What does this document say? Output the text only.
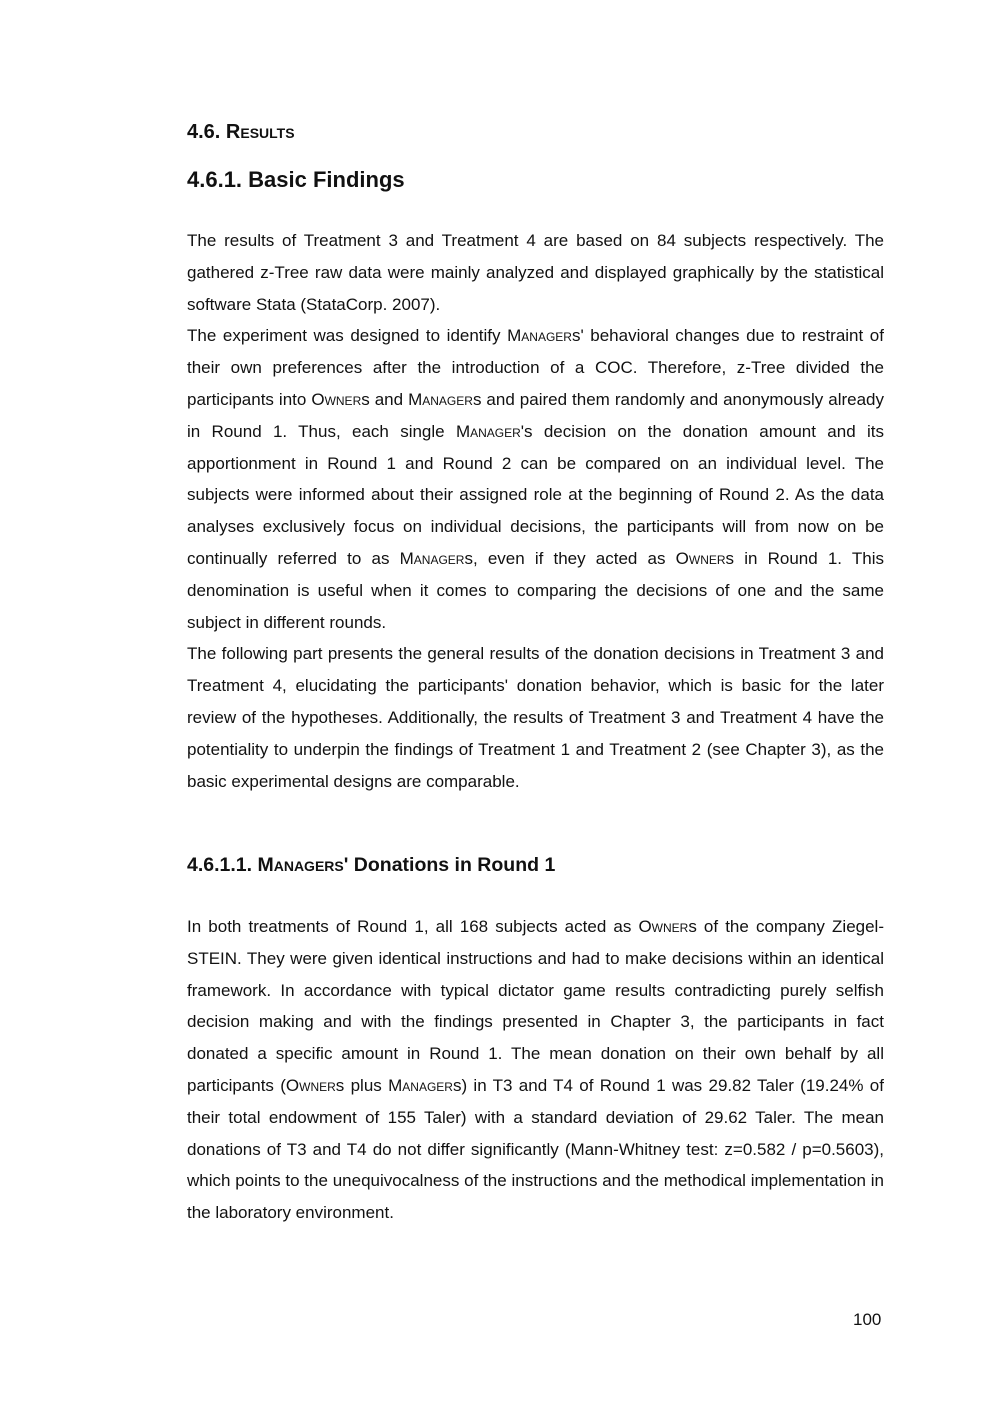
4.6. Results
4.6.1. Basic Findings

The results of Treatment 3 and Treatment 4 are based on 84 subjects respectively. The gathered z-Tree raw data were mainly analyzed and displayed graphically by the statistical software Stata (StataCorp. 2007).

The experiment was designed to identify Managers' behavioral changes due to restraint of their own preferences after the introduction of a COC. Therefore, z-Tree divided the participants into Owners and Managers and paired them randomly and anonymously already in Round 1. Thus, each single Manager's decision on the donation amount and its apportionment in Round 1 and Round 2 can be compared on an individual level. The subjects were informed about their assigned role at the beginning of Round 2. As the data analyses exclusively focus on individual decisions, the participants will from now on be continually referred to as Managers, even if they acted as Owners in Round 1. This denomination is useful when it comes to comparing the decisions of one and the same subject in different rounds.

The following part presents the general results of the donation decisions in Treatment 3 and Treatment 4, elucidating the participants' donation behavior, which is basic for the later review of the hypotheses. Additionally, the results of Treatment 3 and Treatment 4 have the potentiality to underpin the findings of Treatment 1 and Treatment 2 (see Chapter 3), as the basic experimental designs are comparable.

4.6.1.1. Managers' Donations in Round 1

In both treatments of Round 1, all 168 subjects acted as Owners of the company Ziegel-STEIN. They were given identical instructions and had to make decisions within an identical framework. In accordance with typical dictator game results contradicting purely selfish decision making and with the findings presented in Chapter 3, the participants in fact donated a specific amount in Round 1. The mean donation on their own behalf by all participants (Owners plus Managers) in T3 and T4 of Round 1 was 29.82 Taler (19.24% of their total endowment of 155 Taler) with a standard deviation of 29.62 Taler. The mean donations of T3 and T4 do not differ significantly (Mann-Whitney test: z=0.582 / p=0.5603), which points to the unequivocalness of the instructions and the methodical implementation in the laboratory environment.

100
